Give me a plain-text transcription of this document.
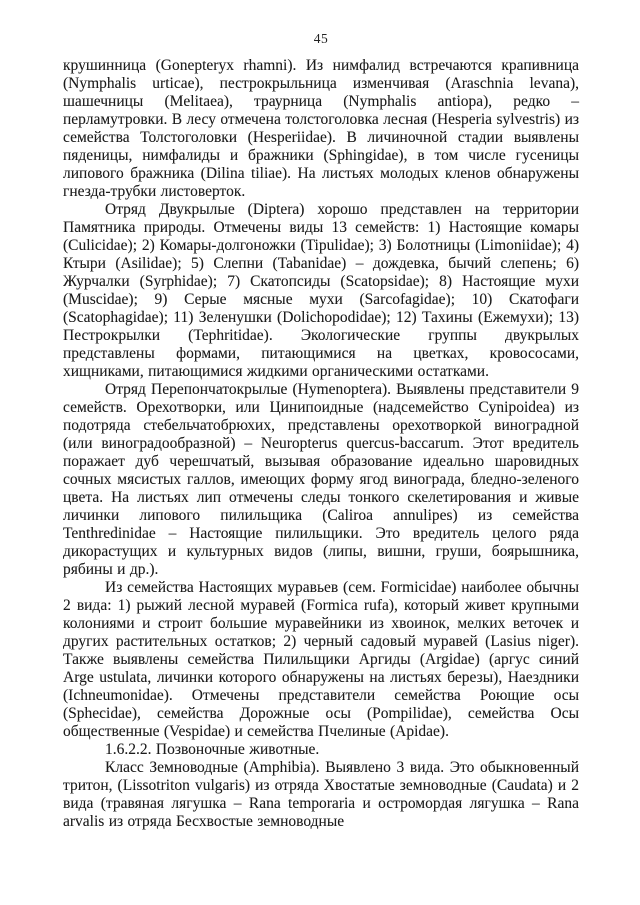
45

крушинница (Gonepteryx rhamni). Из нимфалид встречаются крапивница (Nymphalis urticae), пестрокрыльница изменчивая (Araschnia levana), шашечницы (Melitaea), траурница (Nymphalis antiopa), редко – перламутровки. В лесу отмечена толстоголовка лесная (Hesperia sylvestris) из семейства Толстоголовки (Hesperiidae). В личиночной стадии выявлены пяденицы, нимфалиды и бражники (Sphingidae), в том числе гусеницы липового бражника (Dilina tiliae). На листьях молодых кленов обнаружены гнезда-трубки листоверток.

Отряд Двукрылые (Diptera) хорошо представлен на территории Памятника природы. Отмечены виды 13 семейств: 1) Настоящие комары (Culicidae); 2) Комары-долгоножки (Tipulidae); 3) Болотницы (Limoniidae); 4) Ктыри (Asilidae); 5) Слепни (Tabanidae) – дождевка, бычий слепень; 6) Журчалки (Syrphidae); 7) Скатопсиды (Scatopsidae); 8) Настоящие мухи (Muscidae); 9) Серые мясные мухи (Sarcofagidae); 10) Скатофаги (Scatophagidae); 11) Зеленушки (Dolichopodidae); 12) Тахины (Ежемухи); 13) Пестрокрылки (Tephritidae). Экологические группы двукрылых представлены формами, питающимися на цветках, кровососами, хищниками, питающимися жидкими органическими остатками.

Отряд Перепончатокрылые (Hymenoptera). Выявлены представители 9 семейств. Орехотворки, или Цинипоидные (надсемейство Cynipoidea) из подотряда стебельчатобрюхих, представлены орехотворкой виноградной (или виноградообразной) – Neuropterus quercus-baccarum. Этот вредитель поражает дуб черешчатый, вызывая образование идеально шаровидных сочных мясистых галлов, имеющих форму ягод винограда, бледно-зеленого цвета. На листьях лип отмечены следы тонкого скелетирования и живые личинки липового пилильщика (Caliroa annulipes) из семейства Tenthredinidae – Настоящие пилильщики. Это вредитель целого ряда дикорастущих и культурных видов (липы, вишни, груши, боярышника, рябины и др.).

Из семейства Настоящих муравьев (сем. Formicidae) наиболее обычны 2 вида: 1) рыжий лесной муравей (Formica rufa), который живет крупными колониями и строит большие муравейники из хвоинок, мелких веточек и других растительных остатков; 2) черный садовый муравей (Lasius niger). Также выявлены семейства Пилильщики Аргиды (Argidae) (аргус синий Arge ustulata, личинки которого обнаружены на листьях березы), Наездники (Ichneumonidae). Отмечены представители семейства Роющие осы (Sphecidae), семейства Дорожные осы (Pompilidae), семейства Осы общественные (Vespidae) и семейства Пчелиные (Apidae).

1.6.2.2. Позвоночные животные.

Класс Земноводные (Amphibia). Выявлено 3 вида. Это обыкновенный тритон, (Lissotriton vulgaris) из отряда Хвостатые земноводные (Caudata) и 2 вида (травяная лягушка – Rana temporaria и остромордая лягушка – Rana arvalis из отряда Бесхвостые земноводные
